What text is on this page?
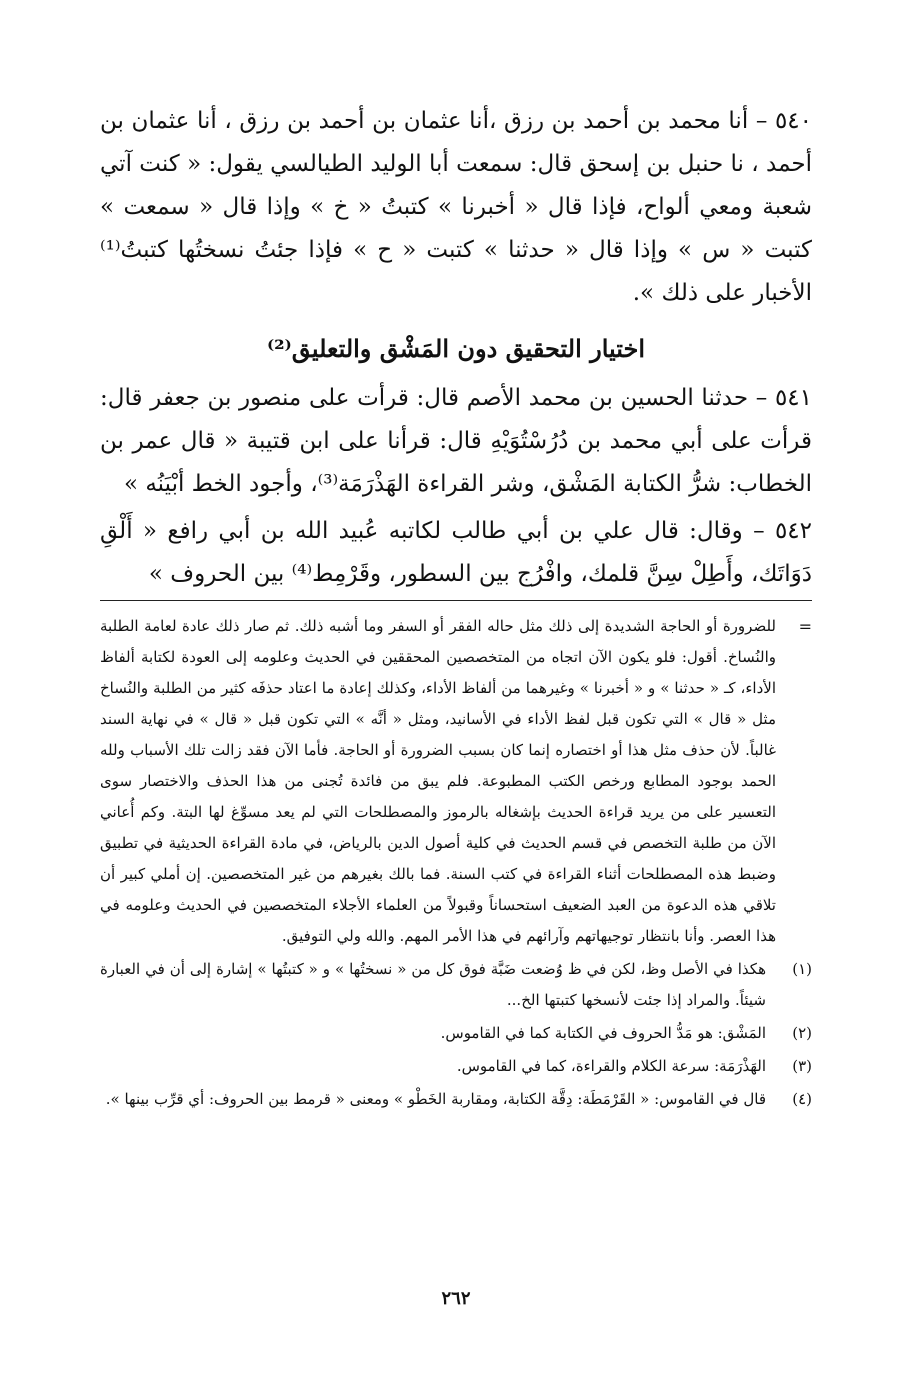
٥٤٠ – أنا محمد بن أحمد بن رزق ،أنا عثمان بن أحمد بن رزق ، أنا عثمان بن أحمد ، نا حنبل بن إسحق قال: سمعت أبا الوليد الطيالسي يقول: « كنت آتي شعبة ومعي ألواح، فإذا قال « أخبرنا » كتبتُ « خ » وإذا قال « سمعت » كتبت « س » وإذا قال « حدثنا » كتبت « ح » فإذا جئتُ نسختُها كتبتُ⁽¹⁾ الأخبار على ذلك ».

اختيار التحقيق دون المَشْق والتعليق⁽²⁾

٥٤١ – حدثنا الحسين بن محمد الأصم قال: قرأت على منصور بن جعفر قال: قرأت على أبي محمد بن دُرُسْتُوَيْهِ قال: قرأنا على ابن قتيبة « قال عمر بن الخطاب: شرُّ الكتابة المَشْق، وشر القراءة الهَذْرَمَة⁽³⁾، وأجود الخط أبْيَنُه »

٥٤٢ – وقال: قال علي بن أبي طالب لكاتبه عُبيد الله بن أبي رافع « أَلْقِ دَوَاتَك، وأَطِلْ سِنَّ قلمك، وافْرُج بين السطور، وقَرْمِط⁽⁴⁾ بين الحروف »

=
للضرورة أو الحاجة الشديدة إلى ذلك مثل حاله الفقر أو السفر وما أشبه ذلك. ثم صار ذلك عادة لعامة الطلبة والنُساخ. أقول: فلو يكون الآن اتجاه من المتخصصين المحققين في الحديث وعلومه إلى العودة لكتابة ألفاظ الأداء، كـ « حدثنا » و « أخبرنا » وغيرهما من ألفاظ الأداء، وكذلك إعادة ما اعتاد حذفَه كثير من الطلبة والنُساخ مثل « قال » التي تكون قبل لفظ الأداء في الأسانيد، ومثل « أنَّه » التي تكون قبل « قال » في نهاية السند غالباً. لأن حذف مثل هذا أو اختصاره إنما كان بسبب الضرورة أو الحاجة. فأما الآن فقد زالت تلك الأسباب ولله الحمد بوجود المطابع ورخص الكتب المطبوعة. فلم يبق من فائدة تُجنى من هذا الحذف والاختصار سوى التعسير على من يريد قراءة الحديث بإشغاله بالرموز والمصطلحات التي لم يعد مسوِّغ لها البتة. وكم أُعاني الآن من طلبة التخصص في قسم الحديث في كلية أصول الدين بالرياض، في مادة القراءة الحديثية في تطبيق وضبط هذه المصطلحات أثناء القراءة في كتب السنة. فما بالك بغيرهم من غير المتخصصين. إن أملي كبير أن تلاقي هذه الدعوة من العبد الضعيف استحساناً وقبولاً من العلماء الأجلاء المتخصصين في الحديث وعلومه في هذا العصر. وأنا بانتظار توجيهاتهم وآرائهم في هذا الأمر المهم. والله ولي التوفيق.
(١)
هكذا في الأصل وظ، لكن في ظ وُضعت ضَبَّة فوق كل من « نسختُها » و « كتبتُها » إشارة إلى أن في العبارة شيئاً. والمراد إذا جئت لأنسخها كتبتها الخ...
(٢)
المَشْق: هو مَدُّ الحروف في الكتابة كما في القاموس.
(٣)
الهَذْرَمَة: سرعة الكلام والقراءة، كما في القاموس.
(٤)
قال في القاموس: « القَرْمَطَة: دِقَّة الكتابة، ومقاربة الخَطْو » ومعنى « قرمط بين الحروف: أي قرِّب بينها ».
٢٦٢
